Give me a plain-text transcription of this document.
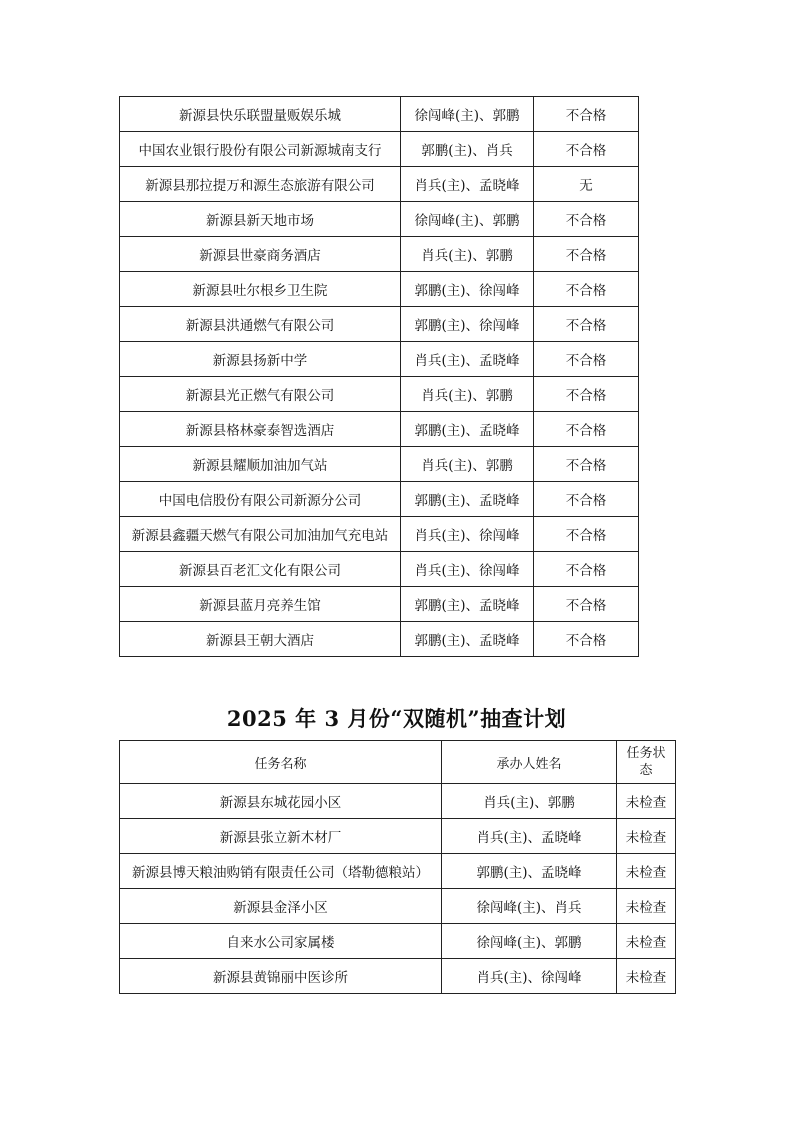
新源县快乐联盟量贩娱乐城	徐闯峰(主)、郭鹏	不合格
中国农业银行股份有限公司新源城南支行	郭鹏(主)、肖兵	不合格
新源县那拉提万和源生态旅游有限公司	肖兵(主)、孟晓峰	无
新源县新天地市场	徐闯峰(主)、郭鹏	不合格
新源县世豪商务酒店	肖兵(主)、郭鹏	不合格
新源县吐尔根乡卫生院	郭鹏(主)、徐闯峰	不合格
新源县洪通燃气有限公司	郭鹏(主)、徐闯峰	不合格
新源县扬新中学	肖兵(主)、孟晓峰	不合格
新源县光正燃气有限公司	肖兵(主)、郭鹏	不合格
新源县格林豪泰智选酒店	郭鹏(主)、孟晓峰	不合格
新源县耀顺加油加气站	肖兵(主)、郭鹏	不合格
中国电信股份有限公司新源分公司	郭鹏(主)、孟晓峰	不合格
新源县鑫疆天燃气有限公司加油加气充电站	肖兵(主)、徐闯峰	不合格
新源县百老汇文化有限公司	肖兵(主)、徐闯峰	不合格
新源县蓝月亮养生馆	郭鹏(主)、孟晓峰	不合格
新源县王朝大酒店	郭鹏(主)、孟晓峰	不合格
2025 年 3 月份“双随机”抽查计划
任务名称	承办人姓名	任务状
态
新源县东城花园小区	肖兵(主)、郭鹏	未检查
新源县张立新木材厂	肖兵(主)、孟晓峰	未检查
新源县博天粮油购销有限责任公司（塔勒德粮站）	郭鹏(主)、孟晓峰	未检查
新源县金泽小区	徐闯峰(主)、肖兵	未检查
自来水公司家属楼	徐闯峰(主)、郭鹏	未检查
新源县黄锦丽中医诊所	肖兵(主)、徐闯峰	未检查
